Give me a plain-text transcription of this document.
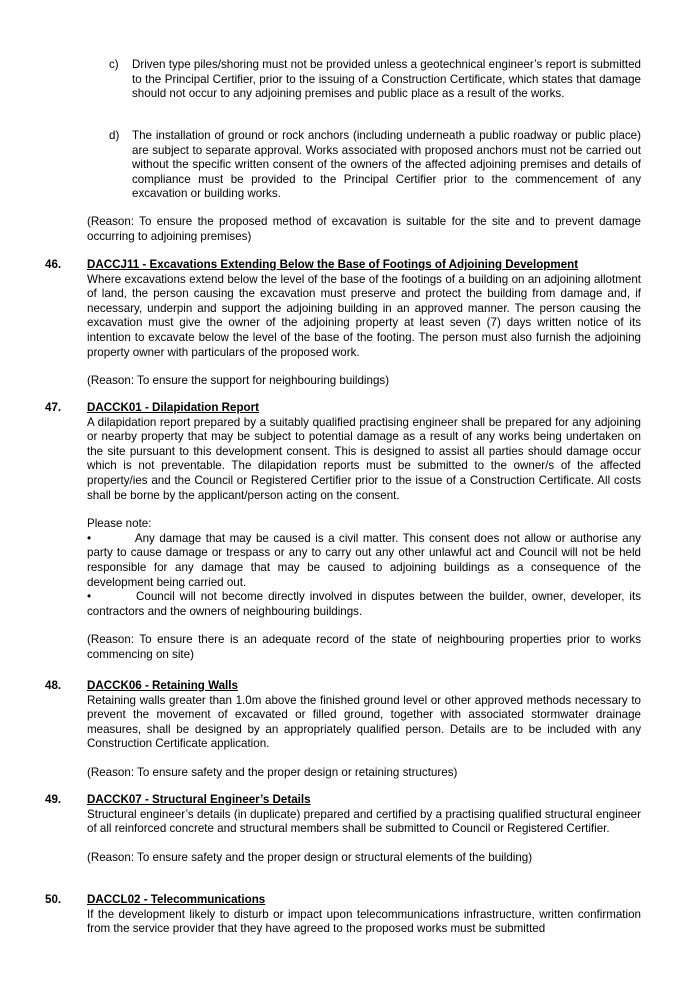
c)	Driven type piles/shoring must not be provided unless a geotechnical engineer’s report is submitted to the Principal Certifier, prior to the issuing of a Construction Certificate, which states that damage should not occur to any adjoining premises and public place as a result of the works.
d)	The installation of ground or rock anchors (including underneath a public roadway or public place) are subject to separate approval. Works associated with proposed anchors must not be carried out without the specific written consent of the owners of the affected adjoining premises and details of compliance must be provided to the Principal Certifier prior to the commencement of any excavation or building works.
(Reason: To ensure the proposed method of excavation is suitable for the site and to prevent damage occurring to adjoining premises)
46. DACCJ11 - Excavations Extending Below the Base of Footings of Adjoining Development

Where excavations extend below the level of the base of the footings of a building on an adjoining allotment of land, the person causing the excavation must preserve and protect the building from damage and, if necessary, underpin and support the adjoining building in an approved manner. The person causing the excavation must give the owner of the adjoining property at least seven (7) days written notice of its intention to excavate below the level of the base of the footing. The person must also furnish the adjoining property owner with particulars of the proposed work.

(Reason: To ensure the support for neighbouring buildings)

47. DACCK01 - Dilapidation Report

A dilapidation report prepared by a suitably qualified practising engineer shall be prepared for any adjoining or nearby property that may be subject to potential damage as a result of any works being undertaken on the site pursuant to this development consent. This is designed to assist all parties should damage occur which is not preventable. The dilapidation reports must be submitted to the owner/s of the affected property/ies and the Council or Registered Certifier prior to the issue of a Construction Certificate. All costs shall be borne by the applicant/person acting on the consent.

Please note:

•	Any damage that may be caused is a civil matter. This consent does not allow or authorise any party to cause damage or trespass or any to carry out any other unlawful act and Council will not be held responsible for any damage that may be caused to adjoining buildings as a consequence of the development being carried out.
•	Council will not become directly involved in disputes between the builder, owner, developer, its contractors and the owners of neighbouring buildings.

(Reason: To ensure there is an adequate record of the state of neighbouring properties prior to works commencing on site)

48. DACCK06 - Retaining Walls

Retaining walls greater than 1.0m above the finished ground level or other approved methods necessary to prevent the movement of excavated or filled ground, together with associated stormwater drainage measures, shall be designed by an appropriately qualified person. Details are to be included with any Construction Certificate application.

(Reason: To ensure safety and the proper design or retaining structures)

49. DACCK07 - Structural Engineer’s Details

Structural engineer’s details (in duplicate) prepared and certified by a practising qualified structural engineer of all reinforced concrete and structural members shall be submitted to Council or Registered Certifier.

(Reason: To ensure safety and the proper design or structural elements of the building)

50. DACCL02 - Telecommunications

If the development likely to disturb or impact upon telecommunications infrastructure, written confirmation from the service provider that they have agreed to the proposed works must be submitted
